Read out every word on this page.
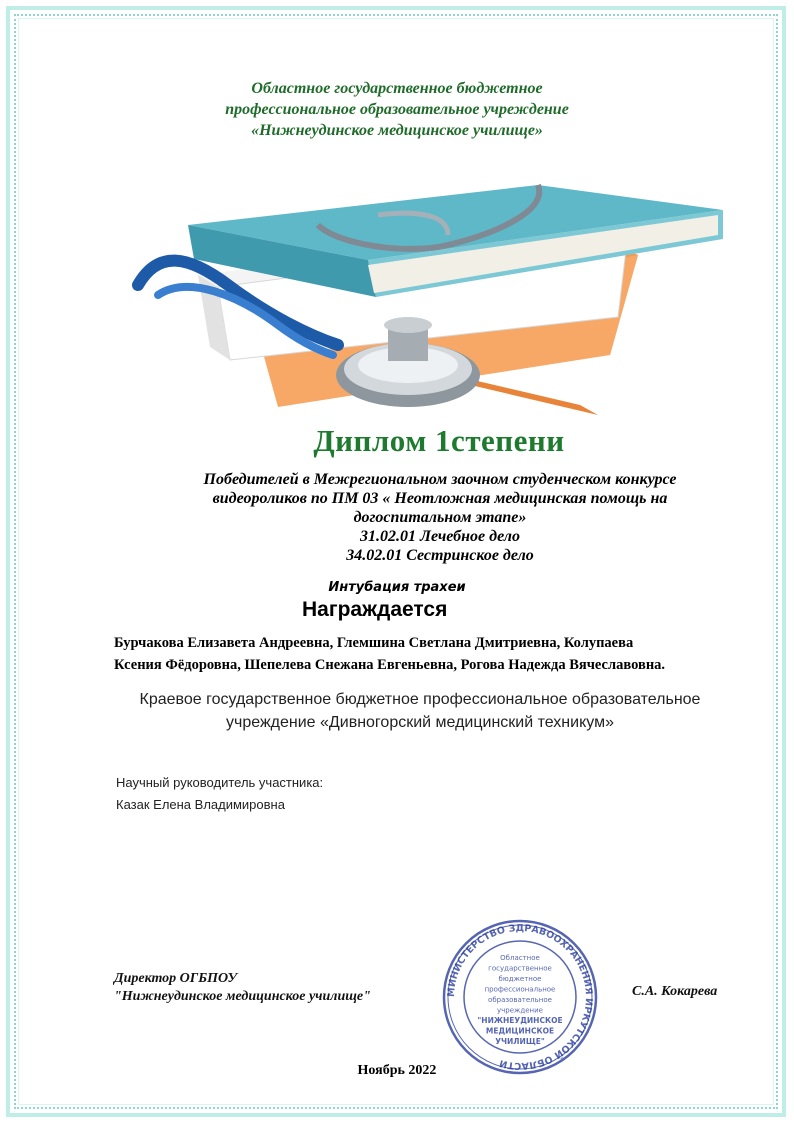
Областное государственное бюджетное
профессиональное образовательное учреждение
«Нижнеудинское медицинское училище»
Диплом 1степени
Победителей в Межрегиональном заочном студенческом конкурсе
видеороликов по ПМ 03 « Неотложная медицинская помощь на
догоспитальном этапе»
31.02.01 Лечебное дело
34.02.01 Сестринское дело
Интубация трахеи
Награждается
Бурчакова Елизавета Андреевна, Глемшина Светлана Дмитриевна, Колупаева
Ксения Фёдоровна, Шепелева Снежана Евгеньевна, Рогова Надежда Вячеславовна.
Краевое государственное бюджетное профессиональное образовательное
учреждение «Дивногорский медицинский техникум»
Научный руководитель участника:
Казак Елена Владимировна
Директор ОГБПОУ
"Нижнеудинское медицинское училище"	МИНИСТЕРСТВО ЗДРАВООХРАНЕНИЯ ИРКУТСКОЙ ОБЛАСТИ
Областное
государственное
бюджетное
профессиональное
образовательное
учреждение
"НИЖНЕУДИНСКОЕ
МЕДИЦИНСКОЕ
УЧИЛИЩЕ"
С.А. Кокарева
Ноябрь 2022
